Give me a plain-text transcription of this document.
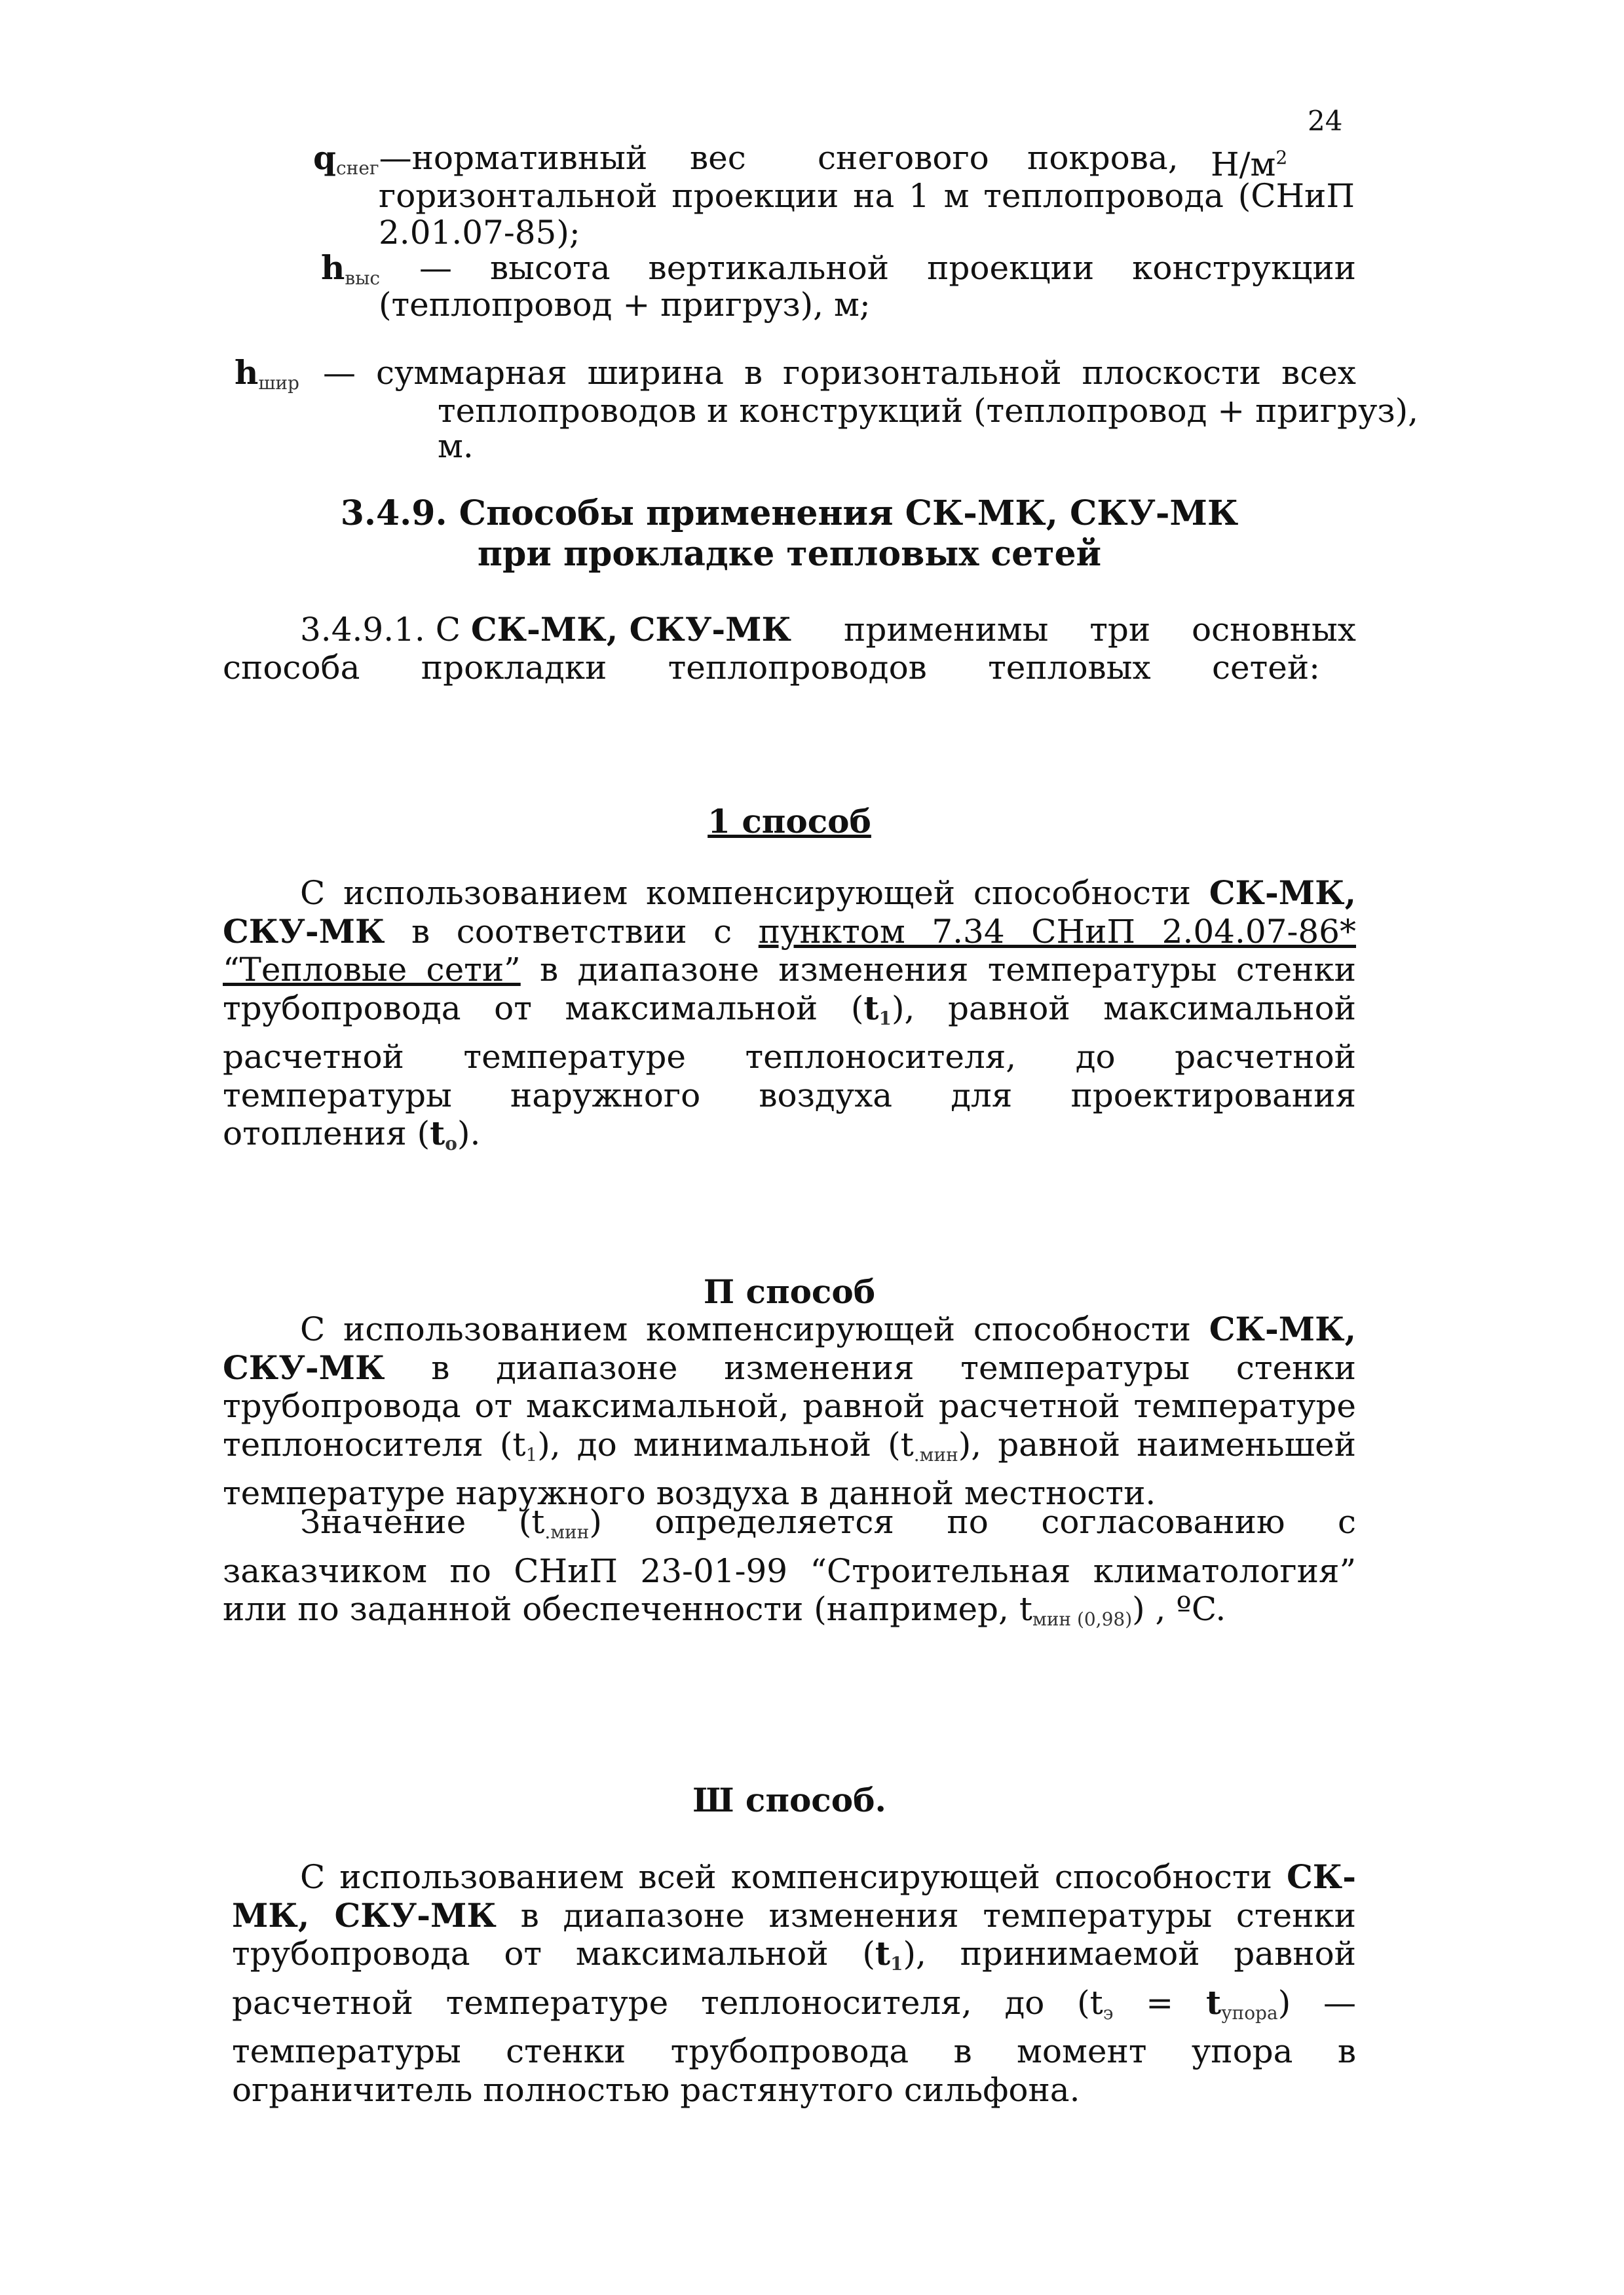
24
$q_{снег}—нормативный$ вес снегового покрова, $Н/м^2$
горизонтальной проекции на 1 м теплопровода (СНиП
2.01.07-85);
$h_{выс}$ — высота вертикальной проекции конструкции
(теплопровод + пригруз), м;
$h_{шир}$ — суммарная ширина в горизонтальной плоскости всех
теплопроводов и конструкций (теплопровод + пригруз),
м.
3.4.9. Способы применения СК-МК, СКУ-МК
при прокладке тепловых сетей
3.4.9.1. С СК-МК, СКУ-МК применимы три основных
способа прокладки теплопроводов тепловых сетей:
1 способ
С использованием компенсирующей способности СК-МК, СКУ-МК в соответствии с пунктом 7.34 СНиП 2.04.07-86* “Тепловые сети” в диапазоне изменения температуры стенки трубопровода от максимальной $(t_1)$, равной максимальной расчетной температуре теплоносителя, до расчетной температуры наружного воздуха для проектирования отопления $(t_o)$.
П способ
С использованием компенсирующей способности СК-МК, СКУ-МК в диапазоне изменения температуры стенки трубопровода от максимальной, равной расчетной температуре теплоносителя $(t_1)$, до минимальной $(t_{.мин})$, равной наименьшей температуре наружного воздуха в данной местности.
Значение $(t_{.мин})$ определяется по согласованию с заказчиком по СНиП 23-01-99 “Строительная климатология” или по заданной обеспеченности (например, $t_{мин (0,98)}$) , ºC.
Ш способ.
С использованием всей компенсирующей способности СК-МК, СКУ-МК в диапазоне изменения температуры стенки трубопровода от максимальной $(t_1)$, принимаемой равной расчетной температуре теплоносителя, до $(t_э = t_{упора})$ — температуры стенки трубопровода в момент упора в ограничитель полностью растянутого сильфона.
